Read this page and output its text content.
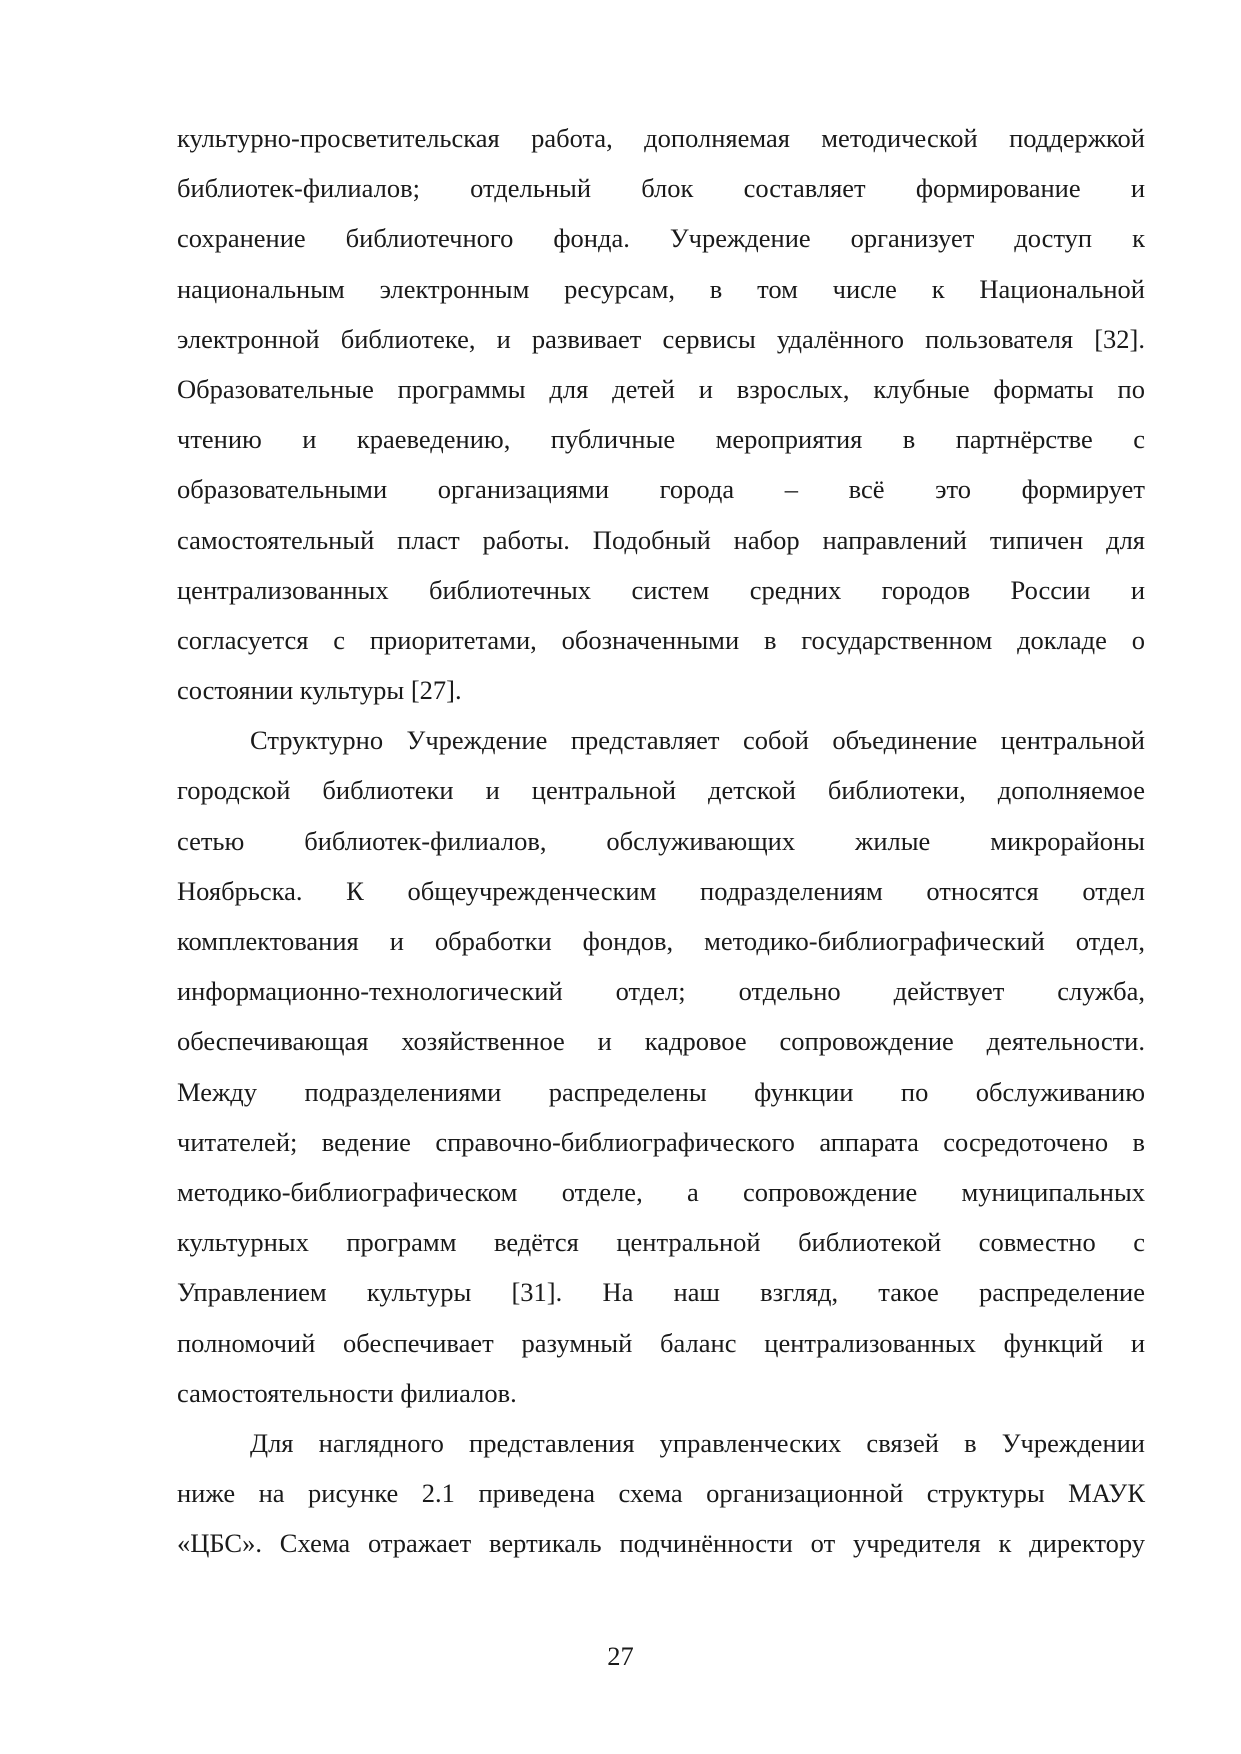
культурно-просветительская работа, дополняемая методической поддержкой
библиотек-филиалов; отдельный блок составляет формирование и
сохранение библиотечного фонда. Учреждение организует доступ к
национальным электронным ресурсам, в том числе к Национальной
электронной библиотеке, и развивает сервисы удалённого пользователя [32].
Образовательные программы для детей и взрослых, клубные форматы по
чтению и краеведению, публичные мероприятия в партнёрстве с
образовательными организациями города – всё это формирует
самостоятельный пласт работы. Подобный набор направлений типичен для
централизованных библиотечных систем средних городов России и
согласуется с приоритетами, обозначенными в государственном докладе о
состоянии культуры [27].
Структурно Учреждение представляет собой объединение центральной
городской библиотеки и центральной детской библиотеки, дополняемое
сетью библиотек-филиалов, обслуживающих жилые микрорайоны
Ноябрьска. К общеучрежденческим подразделениям относятся отдел
комплектования и обработки фондов, методико-библиографический отдел,
информационно-технологический отдел; отдельно действует служба,
обеспечивающая хозяйственное и кадровое сопровождение деятельности.
Между подразделениями распределены функции по обслуживанию
читателей; ведение справочно-библиографического аппарата сосредоточено в
методико-библиографическом отделе, а сопровождение муниципальных
культурных программ ведётся центральной библиотекой совместно с
Управлением культуры [31]. На наш взгляд, такое распределение
полномочий обеспечивает разумный баланс централизованных функций и
самостоятельности филиалов.
Для наглядного представления управленческих связей в Учреждении
ниже на рисунке 2.1 приведена схема организационной структуры МАУК
«ЦБС». Схема отражает вертикаль подчинённости от учредителя к директору
27
